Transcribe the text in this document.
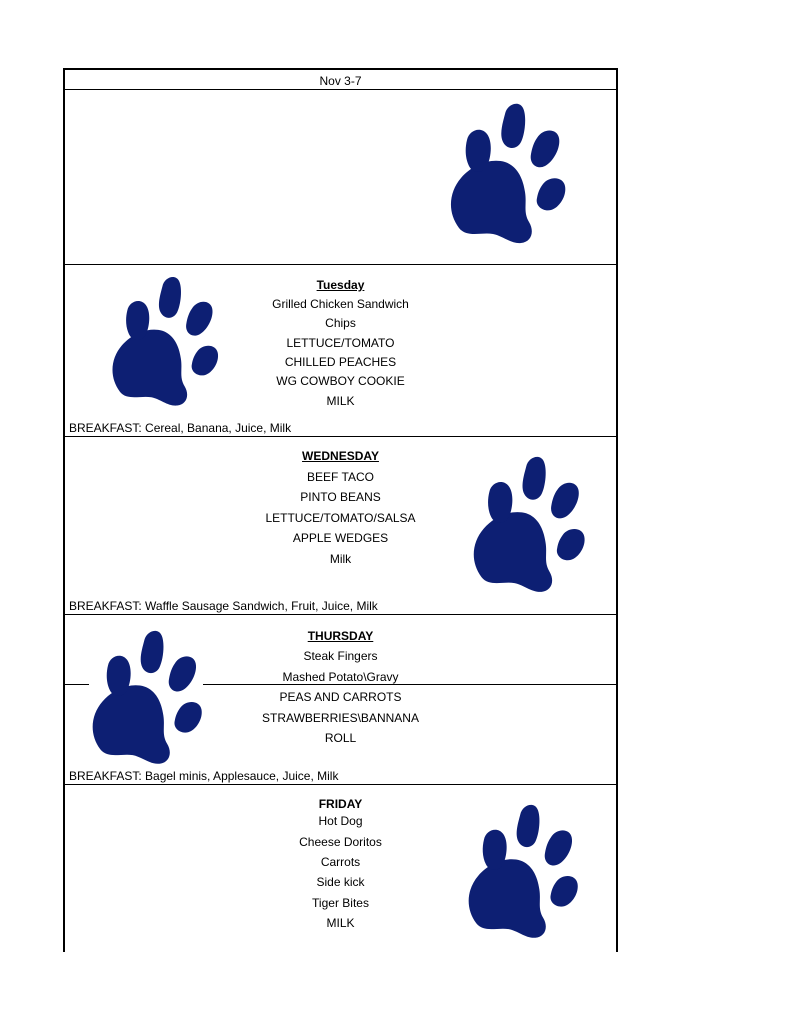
Nov 3-7
Tuesday
Grilled Chicken Sandwich
Chips
LETTUCE/TOMATO
CHILLED PEACHES
WG COWBOY COOKIE
MILK
BREAKFAST: Cereal, Banana, Juice, Milk
WEDNESDAY
BEEF TACO
PINTO BEANS
LETTUCE/TOMATO/SALSA
APPLE WEDGES
Milk
BREAKFAST: Waffle Sausage Sandwich, Fruit, Juice, Milk
THURSDAY
Steak Fingers
Mashed Potato\Gravy
PEAS AND CARROTS
STRAWBERRIES\BANNANA
ROLL
BREAKFAST: Bagel minis, Applesauce, Juice, Milk
FRIDAY
Hot Dog
Cheese Doritos
Carrots
Side kick
Tiger Bites
MILK
